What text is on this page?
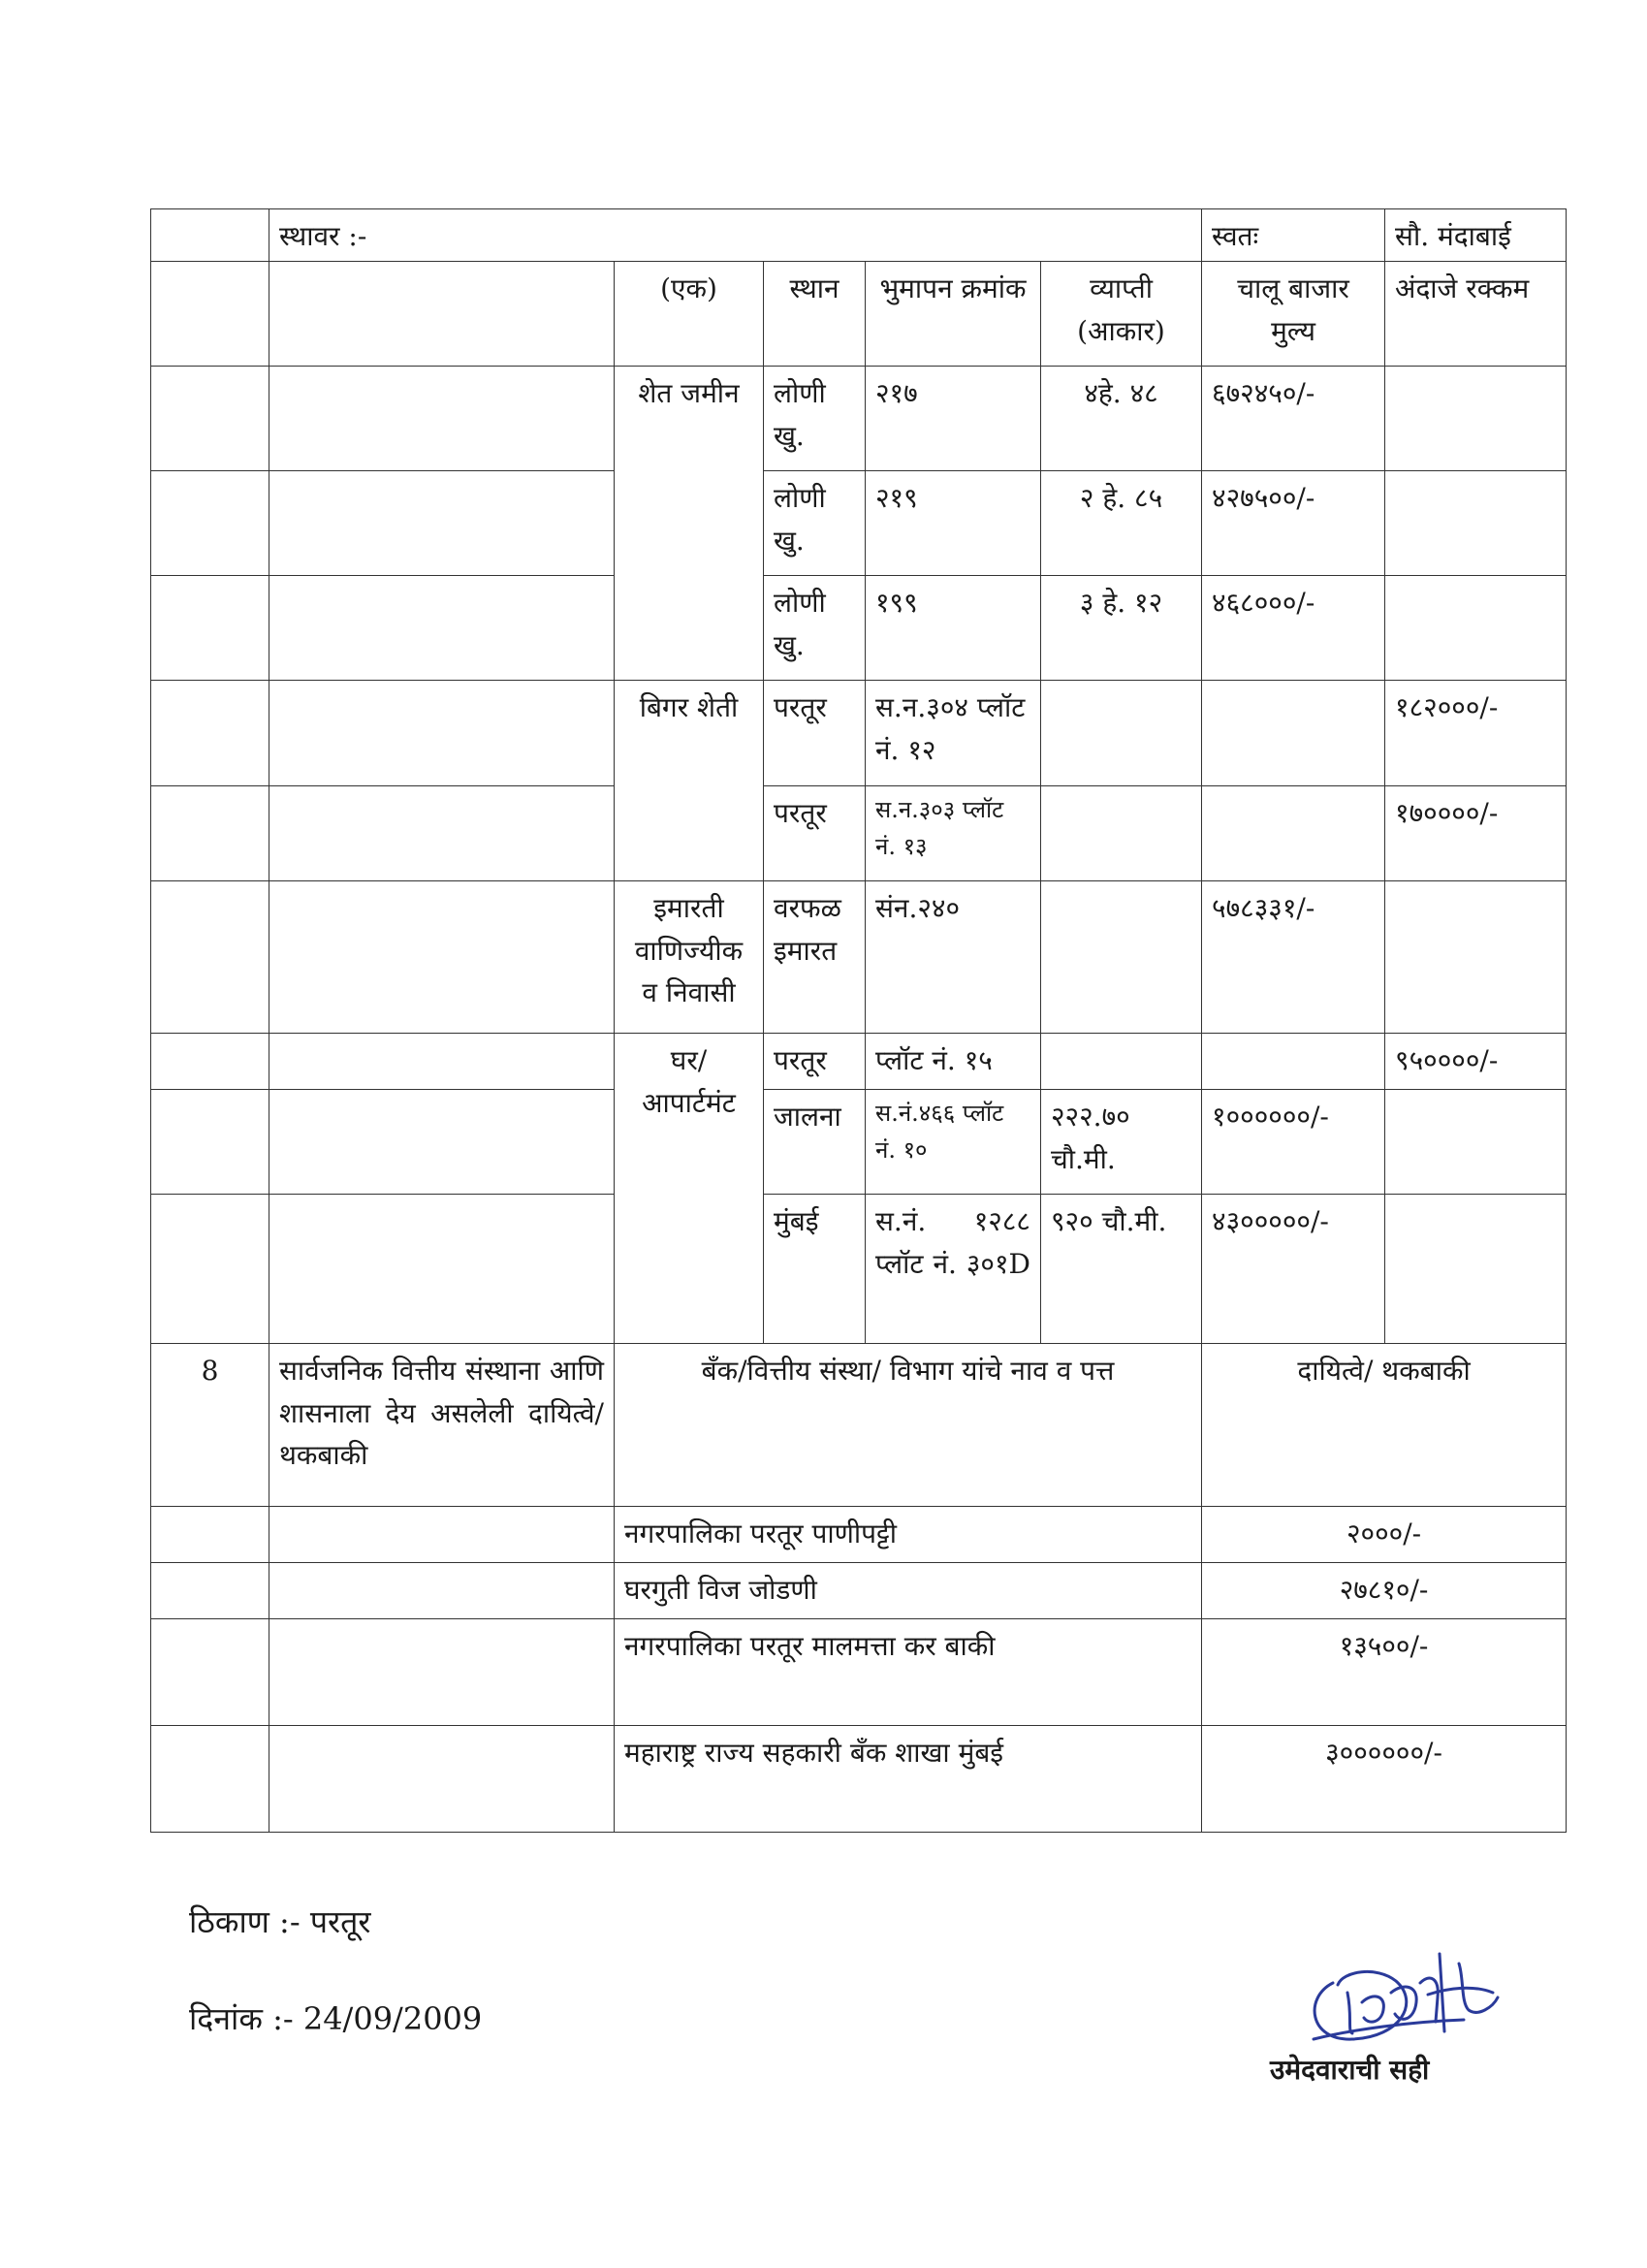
	स्थावर :-					स्वतः	सौ. मंदाबाई
		(एक)	स्थान	भुमापन क्रमांक	व्याप्ती (आकार)	चालू बाजार मुल्य	अंदाजे रक्कम
		शेत जमीन	लोणी खु.	२१७	४हे. ४८	६७२४५०/-	
			लोणी खु.	२१९	२ हे. ८५	४२७५००/-	
			लोणी खु.	१९९	३ हे. १२	४६८०००/-	
		बिगर शेती	परतूर	स.न.३०४ प्लॉट नं. १२			१८२०००/-
			परतूर	स.न.३०३ प्लॉट नं. १३			१७००००/-
		इमारती वाणिज्यीक व निवासी	वरफळ इमारत	संन.२४०		५७८३३१/-	
		घर/ आपार्टमंट	परतूर	प्लॉट नं. १५			९५००००/-
			जालना	स.नं.४६६ प्लॉट नं. १०	२२२.७० चौ.मी.	१००००००/-	
			मुंबई	स.नं. १२८८ प्लॉट नं. ३०१D	९२० चौ.मी.	४३०००००/-	
8	सार्वजनिक वित्तीय संस्थाना आणि शासनाला देय असलेली दायित्वे/ थकबाकी	बँक/वित्तीय संस्था/ विभाग यांचे नाव व पत्त				दायित्वे/ थकबाकी	
		नगरपालिका परतूर पाणीपट्टी				२०००/-	
		घरगुती विज जोडणी				२७८१०/-	
		नगरपालिका परतूर मालमत्ता कर बाकी				१३५००/-	
		महाराष्ट्र राज्य सहकारी बँक शाखा मुंबई				३००००००/-	
ठिकाण :- परतूर
दिनांक :- 24/09/2009
उमेदवाराची सही
